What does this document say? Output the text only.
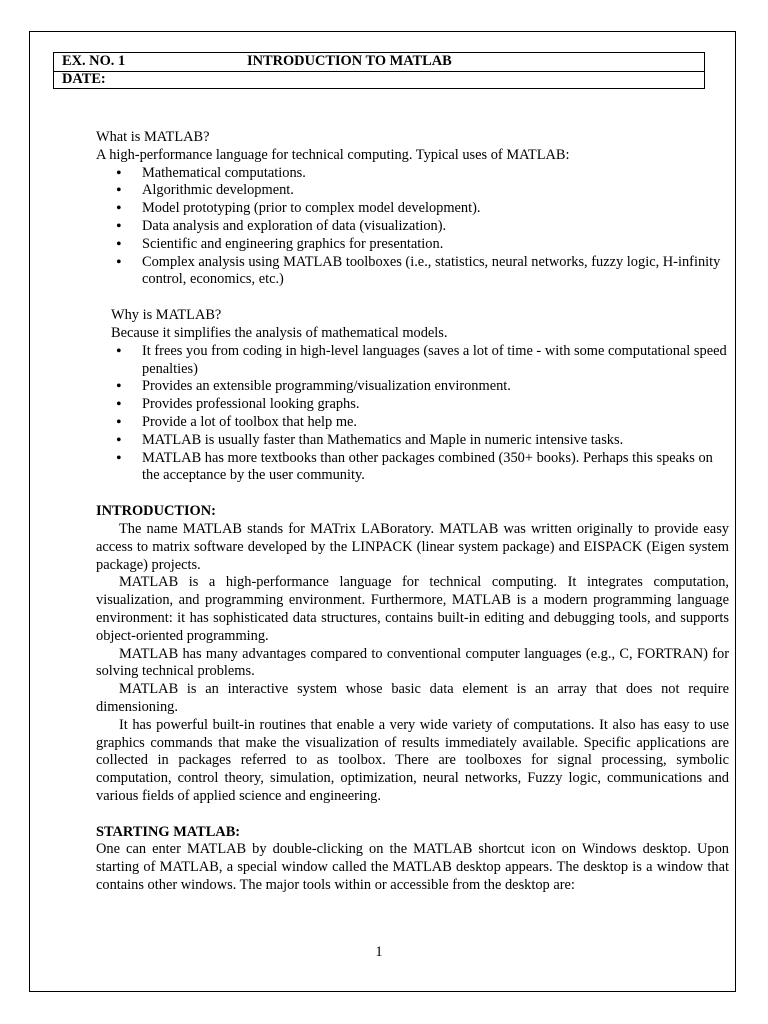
EX. NO. 1	INTRODUCTION TO MATLAB
DATE:

What is MATLAB?

A high-performance language for technical computing. Typical uses of MATLAB:

• Mathematical computations.
• Algorithmic development.
• Model prototyping (prior to complex model development).
• Data analysis and exploration of data (visualization).
• Scientific and engineering graphics for presentation.
• Complex analysis using MATLAB toolboxes (i.e., statistics, neural networks, fuzzy logic, H-infinity control, economics, etc.)

Why is MATLAB?

Because it simplifies the analysis of mathematical models.

• It frees you from coding in high-level languages (saves a lot of time - with some computational speed penalties)
• Provides an extensible programming/visualization environment.
• Provides professional looking graphs.
• Provide a lot of toolbox that help me.
• MATLAB is usually faster than Mathematics and Maple in numeric intensive tasks.
• MATLAB has more textbooks than other packages combined (350+ books). Perhaps this speaks on the acceptance by the user community.

INTRODUCTION:

The name MATLAB stands for MATrix LABoratory. MATLAB was written originally to provide easy access to matrix software developed by the LINPACK (linear system package) and EISPACK (Eigen system package) projects.

MATLAB is a high-performance language for technical computing. It integrates computation, visualization, and programming environment. Furthermore, MATLAB is a modern programming language environment: it has sophisticated data structures, contains built-in editing and debugging tools, and supports object-oriented programming.

MATLAB has many advantages compared to conventional computer languages (e.g., C, FORTRAN) for solving technical problems.

MATLAB is an interactive system whose basic data element is an array that does not require dimensioning.

It has powerful built-in routines that enable a very wide variety of computations. It also has easy to use graphics commands that make the visualization of results immediately available. Specific applications are collected in packages referred to as toolbox. There are toolboxes for signal processing, symbolic computation, control theory, simulation, optimization, neural networks, Fuzzy logic, communications and various fields of applied science and engineering.

STARTING MATLAB:

One can enter MATLAB by double-clicking on the MATLAB shortcut icon on Windows desktop. Upon starting of MATLAB, a special window called the MATLAB desktop appears. The desktop is a window that contains other windows. The major tools within or accessible from the desktop are:

1
